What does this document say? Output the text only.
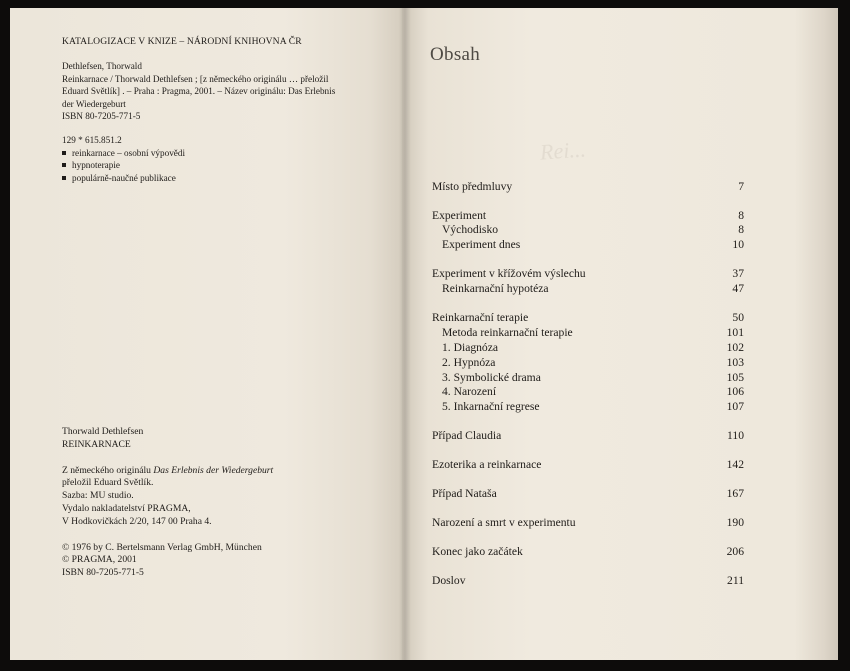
KATALOGIZACE V KNIZE – NÁRODNÍ KNIHOVNA ČR
Dethlefsen, Thorwald
Reinkarnace / Thorwald Dethlefsen ; [z německého originálu … přeložil
Eduard Světlík] . – Praha : Pragma, 2001. – Název originálu: Das Erlebnis
der Wiedergeburt
ISBN 80-7205-771-5
129 * 615.851.2
reinkarnace – osobní výpovědi
hypnoterapie
populárně-naučné publikace
Thorwald Dethlefsen
REINKARNACE
Z německého originálu Das Erlebnis der Wiedergeburt
přeložil Eduard Světlík.
Sazba: MU studio.
Vydalo nakladatelství PRAGMA,
V Hodkovičkách 2/20, 147 00 Praha 4.
© 1976 by C. Bertelsmann Verlag GmbH, München
© PRAGMA, 2001
ISBN 80-7205-771-5
Obsah
Rei...
Místo předmluvy	7
Experiment	8
Východisko	8
Experiment dnes	10
Experiment v křížovém výslechu	37
Reinkarnační hypotéza	47
Reinkarnační terapie	50
Metoda reinkarnační terapie	101
1. Diagnóza	102
2. Hypnóza	103
3. Symbolické drama	105
4. Narození	106
5. Inkarnační regrese	107
Případ Claudia	110
Ezoterika a reinkarnace	142
Případ Nataša	167
Narození a smrt v experimentu	190
Konec jako začátek	206
Doslov	211
